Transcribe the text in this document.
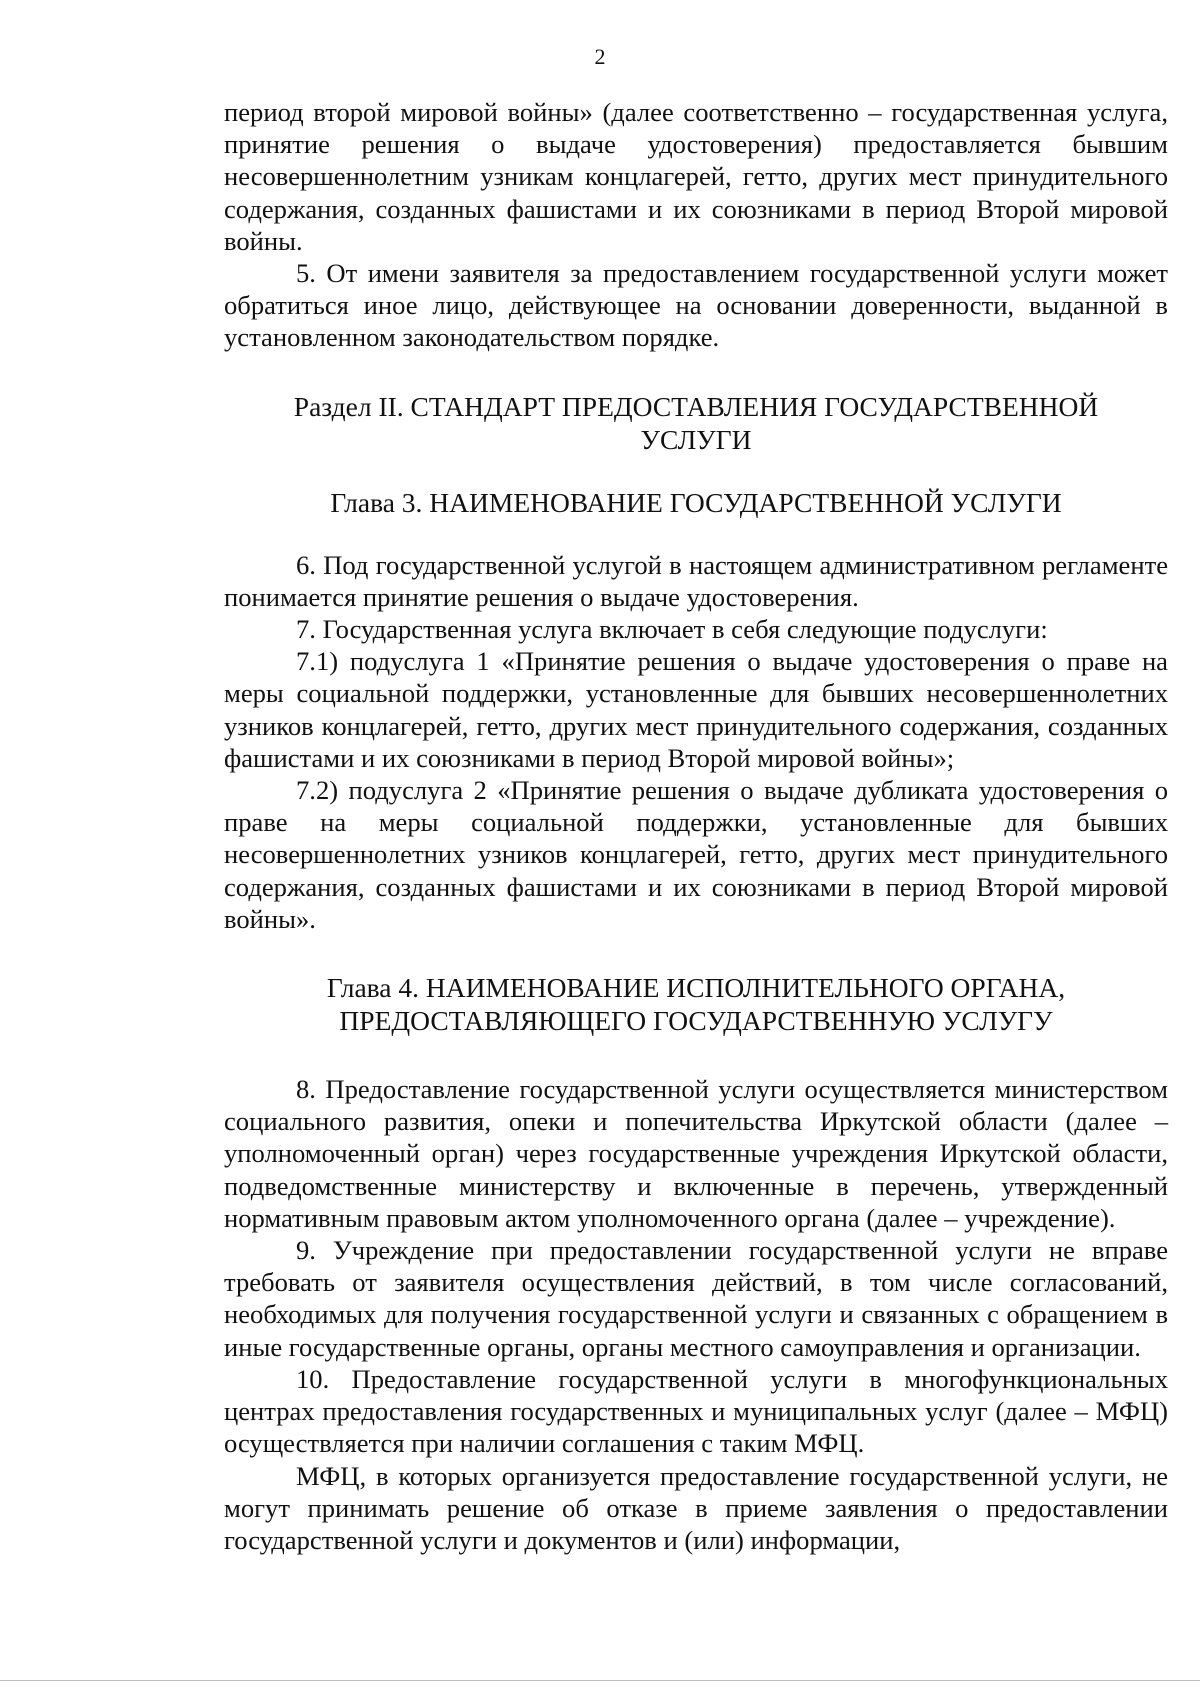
2

период второй мировой войны» (далее соответственно – государственная услуга, принятие решения о выдаче удостоверения) предоставляется бывшим несовершеннолетним узникам концлагерей, гетто, других мест принудительного содержания, созданных фашистами и их союзниками в период Второй мировой войны.

5. От имени заявителя за предоставлением государственной услуги может обратиться иное лицо, действующее на основании доверенности, выданной в установленном законодательством порядке.

Раздел II. СТАНДАРТ ПРЕДОСТАВЛЕНИЯ ГОСУДАРСТВЕННОЙ
УСЛУГИ
Глава 3. НАИМЕНОВАНИЕ ГОСУДАРСТВЕННОЙ УСЛУГИ

6. Под государственной услугой в настоящем административном регламенте понимается принятие решения о выдаче удостоверения.

7. Государственная услуга включает в себя следующие подуслуги:

7.1) подуслуга 1 «Принятие решения о выдаче удостоверения о праве на меры социальной поддержки, установленные для бывших несовершеннолетних узников концлагерей, гетто, других мест принудительного содержания, созданных фашистами и их союзниками в период Второй мировой войны»;

7.2) подуслуга 2 «Принятие решения о выдаче дубликата удостоверения о праве на меры социальной поддержки, установленные для бывших несовершеннолетних узников концлагерей, гетто, других мест принудительного содержания, созданных фашистами и их союзниками в период Второй мировой войны».

Глава 4. НАИМЕНОВАНИЕ ИСПОЛНИТЕЛЬНОГО ОРГАНА,
ПРЕДОСТАВЛЯЮЩЕГО ГОСУДАРСТВЕННУЮ УСЛУГУ

8. Предоставление государственной услуги осуществляется министерством социального развития, опеки и попечительства Иркутской области (далее – уполномоченный орган) через государственные учреждения Иркутской области, подведомственные министерству и включенные в перечень, утвержденный нормативным правовым актом уполномоченного органа (далее – учреждение).

9. Учреждение при предоставлении государственной услуги не вправе требовать от заявителя осуществления действий, в том числе согласований, необходимых для получения государственной услуги и связанных с обращением в иные государственные органы, органы местного самоуправления и организации.

10. Предоставление государственной услуги в многофункциональных центрах предоставления государственных и муниципальных услуг (далее – МФЦ) осуществляется при наличии соглашения с таким МФЦ.

МФЦ, в которых организуется предоставление государственной услуги, не могут принимать решение об отказе в приеме заявления о предоставлении государственной услуги и документов и (или) информации,
